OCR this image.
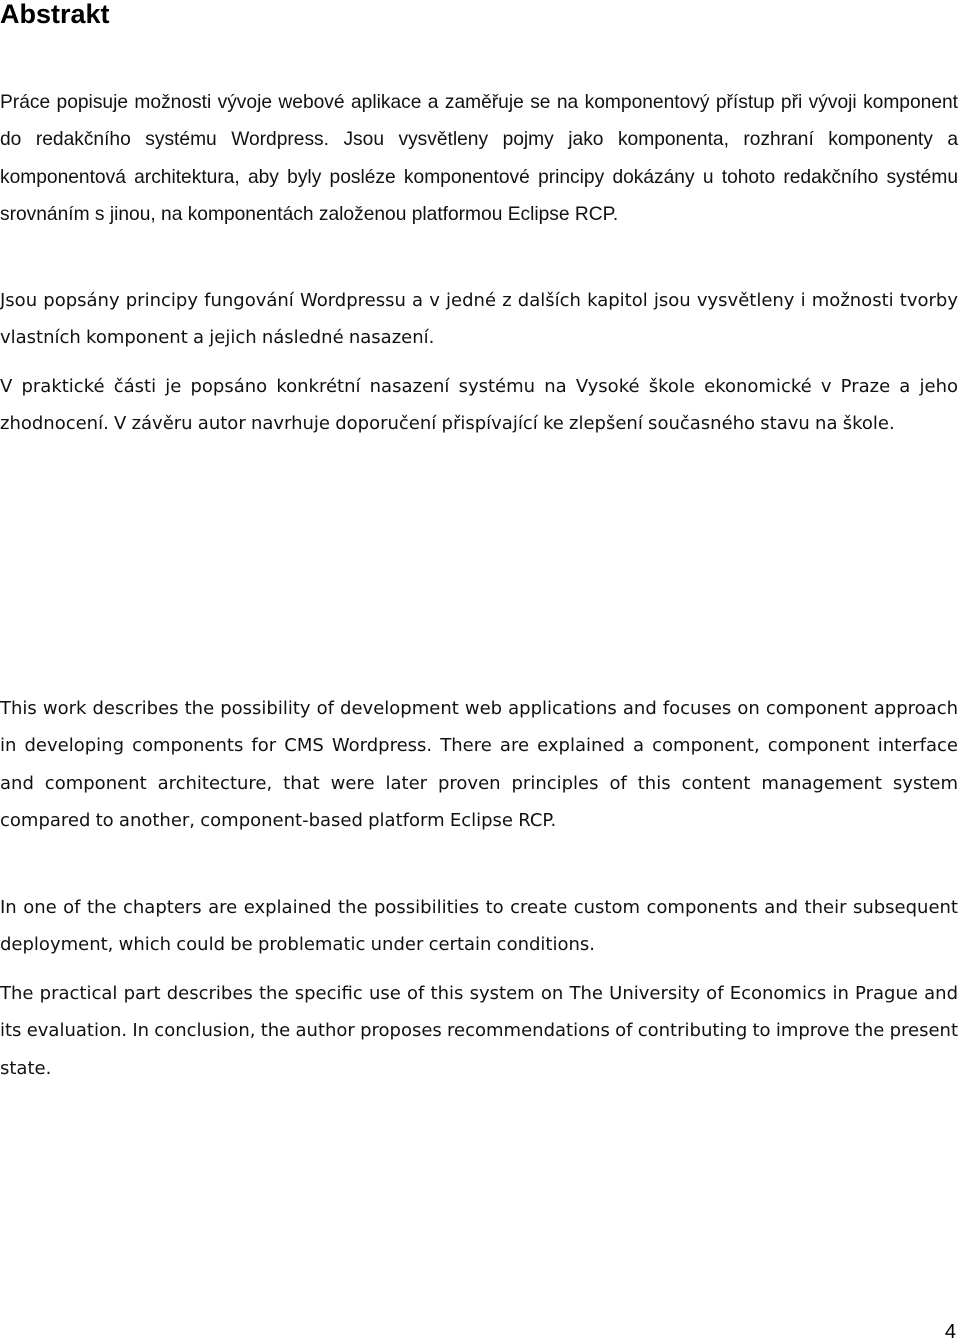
Abstrakt

Práce popisuje možnosti vývoje webové aplikace a zaměřuje se na komponentový přístup při vývoji komponent do redakčního systému Wordpress. Jsou vysvětleny pojmy jako komponenta, rozhraní komponenty a komponentová architektura, aby byly posléze komponentové principy dokázány u tohoto redakčního systému srovnáním s jinou, na komponentách založenou platformou Eclipse RCP.

Jsou popsány principy fungování Wordpressu a v jedné z dalších kapitol jsou vysvětleny i možnosti tvorby vlastních komponent a jejich následné nasazení.

V praktické části je popsáno konkrétní nasazení systému na Vysoké škole ekonomické v Praze a jeho zhodnocení. V závěru autor navrhuje doporučení přispívající ke zlepšení současného stavu na škole.

This work describes the possibility of development web applications and focuses on component approach in developing components for CMS Wordpress. There are explained a component, component interface and component architecture, that were later proven principles of this content management system compared to another, component-based platform Eclipse RCP.

In one of the chapters are explained the possibilities to create custom components and their subsequent deployment, which could be problematic under certain conditions.

The practical part describes the specific use of this system on The University of Economics in Prague and its evaluation. In conclusion, the author proposes recommendations of contributing to improve the present state.

4
